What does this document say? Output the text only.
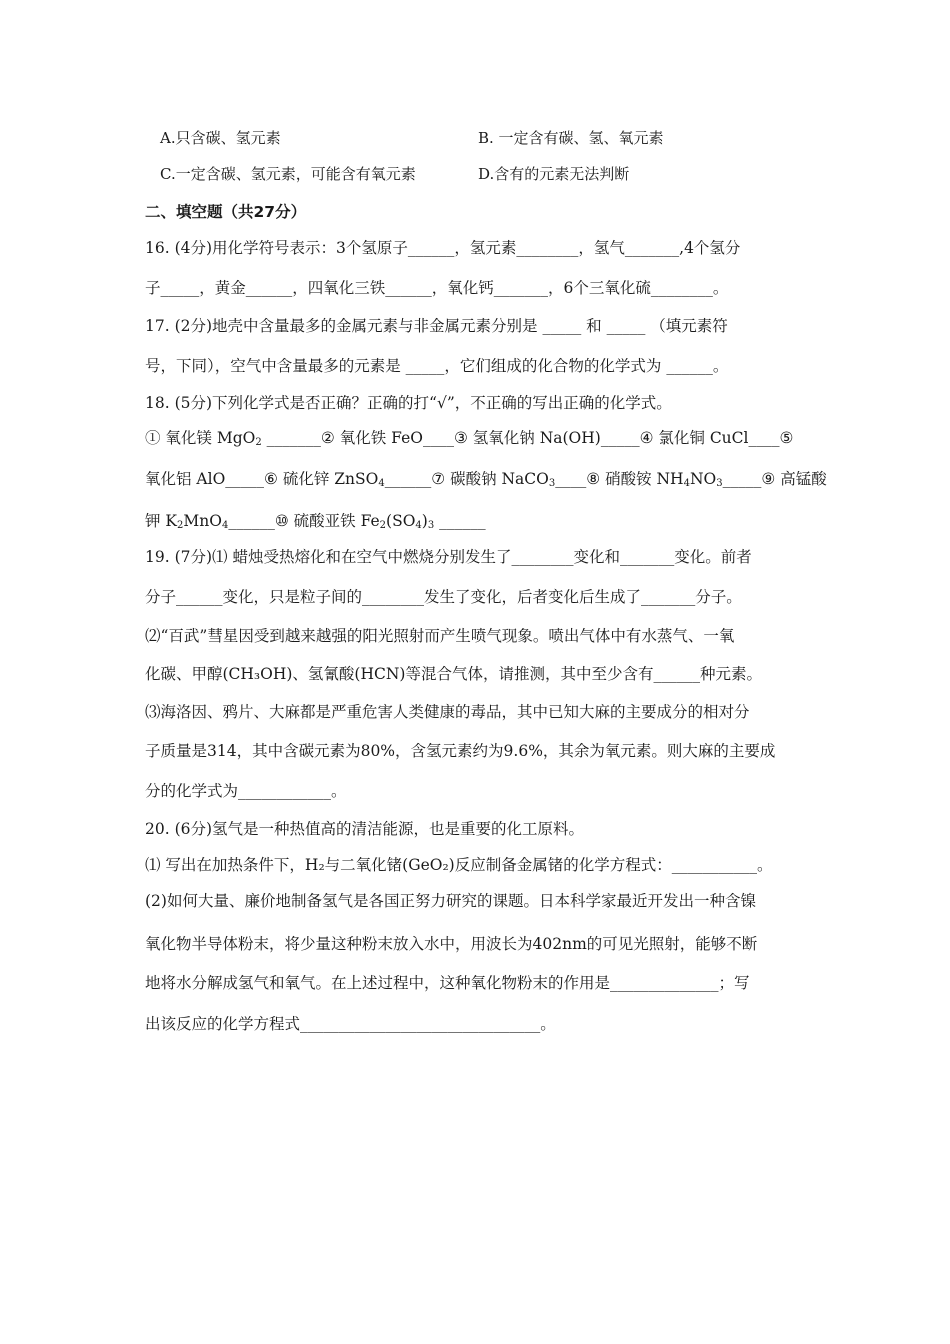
A.只含碳、氢元素	B. 一定含有碳、氢、氧元素
C.一定含碳、氢元素，可能含有氧元素	D.含有的元素无法判断
二、填空题（共27分）
16. (4分)用化学符号表示：3个氢原子______，氢元素________，氢气_______,4个氢分
子_____，黄金______，四氧化三铁______，氧化钙_______，6个三氧化硫________。
17. (2分)地壳中含量最多的金属元素与非金属元素分别是 _____ 和 _____ （填元素符
号，下同），空气中含量最多的元素是 _____，它们组成的化合物的化学式为 ______。
18. (5分)下列化学式是否正确？正确的打“√”，不正确的写出正确的化学式。
① 氧化镁 MgO$_2$ _______② 氧化铁 FeO____③ 氢氧化钠 Na(OH)_____④ 氯化铜 CuCl____⑤
氧化铝 AlO_____⑥ 硫化锌 ZnSO$_4$______⑦ 碳酸钠 NaCO$_3$____⑧ 硝酸铵 $NH_4NO_3\_\_\_\_\_⑨$ 高锰酸
钾 $K_2MnO_4\_\_\_\_\_\_⑩$ 硫酸亚铁 $Fe_2(SO_4)_3$ ______
19. (7分)⑴ 蜡烛受热熔化和在空气中燃烧分别发生了________变化和_______变化。前者
分子______变化，只是粒子间的________发生了变化，后者变化后生成了_______分子。
⑵“百武”彗星因受到越来越强的阳光照射而产生喷气现象。喷出气体中有水蒸气、一氧
化碳、甲醇(CH₃OH)、氢氰酸(HCN)等混合气体，请推测，其中至少含有______种元素。
⑶海洛因、鸦片、大麻都是严重危害人类健康的毒品，其中已知大麻的主要成分的相对分
子质量是314，其中含碳元素为80%，含氢元素约为9.6%，其余为氧元素。则大麻的主要成
分的化学式为____________。
20. (6分)氢气是一种热值高的清洁能源，也是重要的化工原料。
⑴ 写出在加热条件下，H₂与二氧化锗(GeO₂)反应制备金属锗的化学方程式：___________。
(2)如何大量、廉价地制备氢气是各国正努力研究的课题。日本科学家最近开发出一种含镍
氧化物半导体粉末，将少量这种粉末放入水中，用波长为402nm的可见光照射，能够不断
地将水分解成氢气和氧气。在上述过程中，这种氧化物粉末的作用是______________；写
出该反应的化学方程式_______________________________。
